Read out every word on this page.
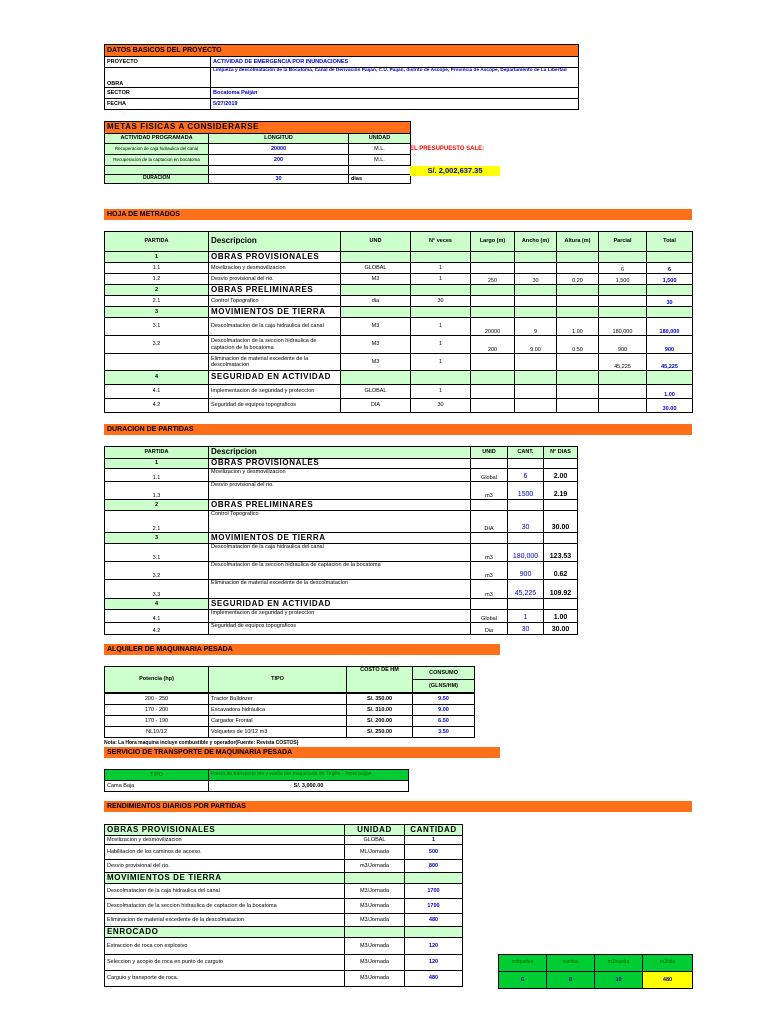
DATOS BASICOS DEL PROYECTO	
PROYECTO	ACTIVIDAD DE EMERGENCIA POR INUNDACIONES
OBRA	Limpieza y descolmatación de la Bocatoma, Canal de Derivación Paiján, C.U. Paiján, distrito de Ascope, Provincia de Ascope, Departamento de La Libertad
SECTOR	Bocatoma Paiján
FECHA	5/27/2019
METAS FISICAS A CONSIDERARSE		
ACTIVIDAD PROGRAMADA	LONGITUD	UNIDAD
Recuperacion de caja hidraulica del canal	20000	M.L.
Recuperacion de la captacion en bocatoma	200	M.L.

DURACION	30	dias
EL PRESUPUESTO SALE:
S/. 2,002,637.35
HOJA DE METRADOS
PARTIDA	Descripcion	UND	N° veces	Largo (m)	Ancho (m)	Altura (m)	Parcial	Total
1	OBRAS PROVISIONALES							
1.1	Movilizacion y desmovilizacion	GLOBAL	1				6	6
1.2	Desvio provisional del rio.	M3	1	250	30	0.20	1,500	1,500
2	OBRAS PRELIMINARES							
2.1	Control Topografico	dia	30					30
3	MOVIMIENTOS DE TIERRA							
3.1	Descolmatacion de la caja hidraulica del canal	M3	1	20000	9	1.00	180,000	180,000
3.2	Descolmatacion de la seccion hidraulica de captacion de la bocatoma	M3	1	200	9.00	0.50	900	900
	Eliminacion de material excedente de la descolmatacion	M3	1				45,225	45,225
4	SEGURIDAD EN ACTIVIDAD							
4.1	Implementacion de seguridad y proteccion	GLOBAL	1					1.00
4.2	Seguridad de equipos topograficos	DIA	30					30.00
DURACION DE PARTIDAS
PARTIDA	Descripcion	UNID	CANT.	N° DIAS
1	OBRAS PROVISIONALES			
1.1	Movilizacion y desmovilizacion	Global	6	2.00
1.3	Desvio provisional del rio.	m3	1500	2.19
2	OBRAS PRELIMINARES			
2.1	Control Topografico	DIA	30	30.00
3	MOVIMIENTOS DE TIERRA			
3.1	Descolmatacion de la caja hidraulica del canal	m3	180,000	123.53
3.2	Descolmatacion de la seccion hidraulica de captacion de la bocatoma	m3	900	0.62
3.3	Eliminacion de material excedente de la descolmatacion	m3	45,225	109.92
4	SEGURIDAD EN ACTIVIDAD			
4.1	Implementacion de seguridad y proteccion	Global	1	1.00
4.2	Seguridad de equipos topograficos	Dia	30	30.00
ALQUILER DE MAQUINARIA PESADA
Potencia (hp)	TIPO	COSTO DE HM	CONSUMO
(GLNS/HM)
200 - 250	Tractor Bulldozer	S/. 350.00	9.50
170 - 200	Excavadora hidráulica	S/. 310.00	9.00
170 - 190	Cargador Frontal	S/. 200.00	6.50
NL10/12	Volquetes de 10/12 m3	S/. 250.00	3.50
Nota: La Hora maquina incluye combustible y operador(Fuente: Revista COSTOS)
SERVICIO DE TRANSPORTE DE MAQUINARIA PESADA
TIPO	Precio de transporte ida y vuelta por maquinaria de Trujillo - Toma paijan
Cama Baja	S/. 3,000.00
RENDIMIENTOS DIARIOS POR PARTIDAS
OBRAS PROVISIONALES	UNIDAD	CANTIDAD
Movilizacion y desmovilizacion	GLOBAL	1
Habilitacion de los caminos de acceso.	ML/Jornada	500
Desvio provisional del rio.	m3/Jornada	800
MOVIMIENTOS DE TIERRA		
Descolmatacion de la caja hidraulica del canal	M3/Jornada	1700
Descolmatacion de la seccion hidraulica de captacion de la bocatoma	M3/Jornada	1700
Eliminacion de material excedente de la descolmatacion	M3/Jornada	480
ENROCADO		
Extraccion de roca con explosivo	M3/Jornada	120
Seleccion y acopio de roca en punto de carguio	M3/Jornada	120
Carguio y transporte de roca.	M3/Jornada	480
volquetes	vueltas	m3/vuelta	m3/dia
6	8	10	480
